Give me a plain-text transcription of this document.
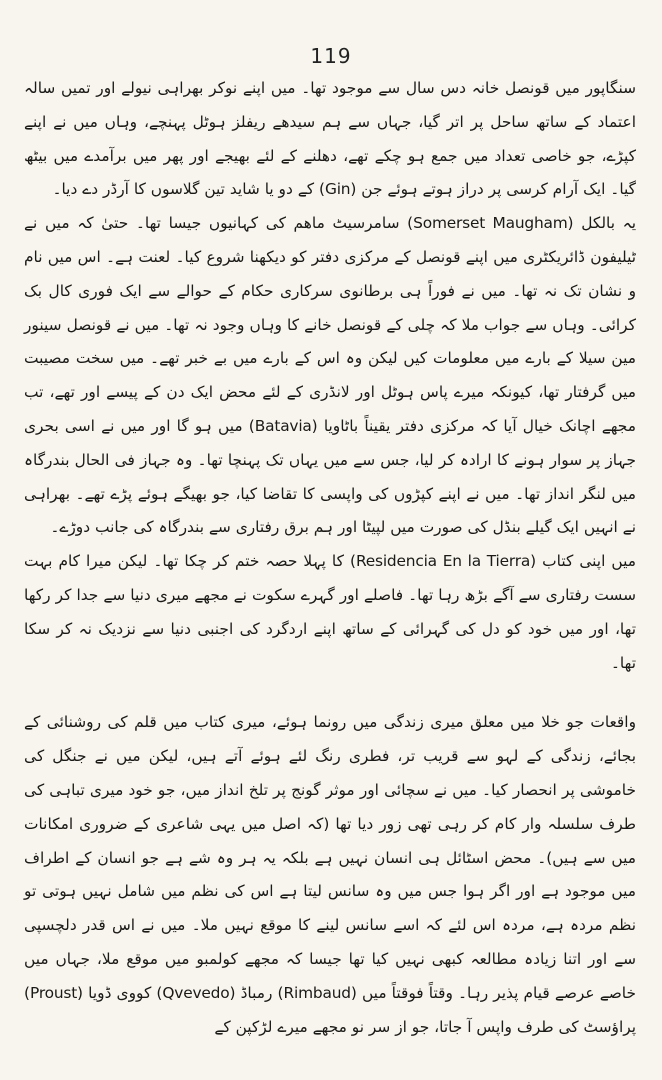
119

سنگاپور میں قونصل خانہ دس سال سے موجود تھا۔ میں اپنے نوکر بھراہی نیولے اور تمیں سالہ اعتماد کے ساتھ ساحل پر اتر گیا، جہاں سے ہم سیدھے ریفلز ہوٹل پہنچے، وہاں میں نے اپنے کپڑے، جو خاصی تعداد میں جمع ہو چکے تھے، دھلنے کے لئے بھیجے اور پھر میں برآمدے میں بیٹھ گیا۔ ایک آرام کرسی پر دراز ہوتے ہوئے جن (Gin) کے دو یا شاید تین گلاسوں کا آرڈر دے دیا۔

یہ بالکل (Somerset Maugham) سامرسیٹ ماھم کی کہانیوں جیسا تھا۔ حتیٰ کہ میں نے ٹیلیفون ڈائریکٹری میں اپنے قونصل کے مرکزی دفتر کو دیکھنا شروع کیا۔ لعنت ہے۔ اس میں نام و نشان تک نہ تھا۔ میں نے فوراً ہی برطانوی سرکاری حکام کے حوالے سے ایک فوری کال بک کرائی۔ وہاں سے جواب ملا کہ چلی کے قونصل خانے کا وہاں وجود نہ تھا۔ میں نے قونصل سینور مین سیلا کے بارے میں معلومات کیں لیکن وہ اس کے بارے میں بے خبر تھے۔ میں سخت مصیبت میں گرفتار تھا، کیونکہ میرے پاس ہوٹل اور لانڈری کے لئے محض ایک دن کے پیسے اور تھے، تب مجھے اچانک خیال آیا کہ مرکزی دفتر یقیناً باٹاویا (Batavia) میں ہو گا اور میں نے اسی بحری جہاز پر سوار ہونے کا ارادہ کر لیا، جس سے میں یہاں تک پہنچا تھا۔ وہ جہاز فی الحال بندرگاہ میں لنگر انداز تھا۔ میں نے اپنے کپڑوں کی واپسی کا تقاضا کیا، جو بھیگے ہوئے پڑے تھے۔ بھراہی نے انہیں ایک گیلے بنڈل کی صورت میں لپیٹا اور ہم برق رفتاری سے بندرگاہ کی جانب دوڑے۔

میں اپنی کتاب (Residencia En la Tierra) کا پہلا حصہ ختم کر چکا تھا۔ لیکن میرا کام بہت سست رفتاری سے آگے بڑھ رہا تھا۔ فاصلے اور گہرے سکوت نے مجھے میری دنیا سے جدا کر رکھا تھا، اور میں خود کو دل کی گہرائی کے ساتھ اپنے اردگرد کی اجنبی دنیا سے نزدیک نہ کر سکا تھا۔

واقعات جو خلا میں معلق میری زندگی میں رونما ہوئے، میری کتاب میں قلم کی روشنائی کے بجائے، زندگی کے لہو سے قریب تر، فطری رنگ لئے ہوئے آتے ہیں، لیکن میں نے جنگل کی خاموشی پر انحصار کیا۔ میں نے سچائی اور موثر گونج پر تلخ انداز میں، جو خود میری تباہی کی طرف سلسلہ وار کام کر رہی تھی زور دیا تھا (کہ اصل میں یہی شاعری کے ضروری امکانات میں سے ہیں)۔ محض اسٹائل ہی انسان نہیں ہے بلکہ یہ ہر وہ شے ہے جو انسان کے اطراف میں موجود ہے اور اگر ہوا جس میں وہ سانس لیتا ہے اس کی نظم میں شامل نہیں ہوتی تو نظم مردہ ہے، مردہ اس لئے کہ اسے سانس لینے کا موقع نہیں ملا۔ میں نے اس قدر دلچسپی سے اور اتنا زیادہ مطالعہ کبھی نہیں کیا تھا جیسا کہ مجھے کولمبو میں موقع ملا، جہاں میں خاصے عرصے قیام پذیر رہا۔ وقتاً فوقتاً میں (Rimbaud) رمباڈ (Qvevedo) کووی ڈویا (Proust) پراؤسٹ کی طرف واپس آ جاتا، جو از سر نو مجھے میرے لڑکپن کے
